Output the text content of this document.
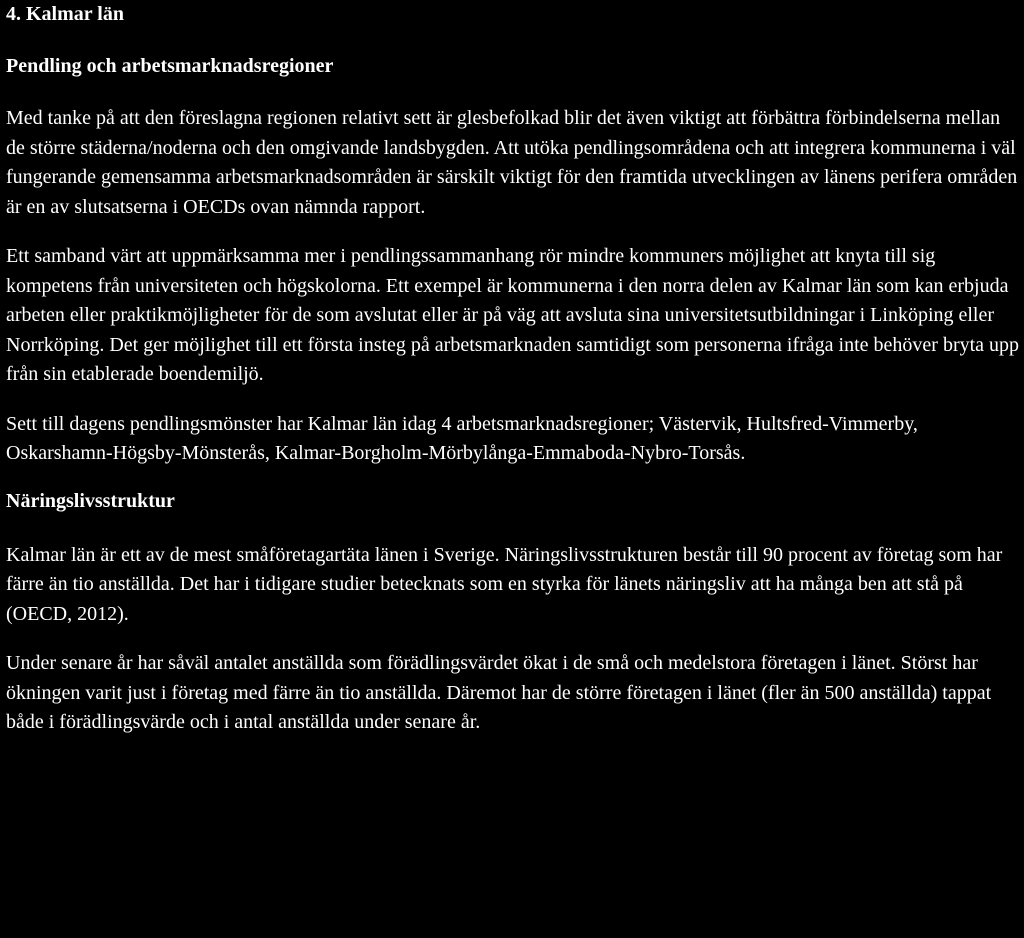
4. Kalmar län
Pendling och arbetsmarknadsregioner

Med tanke på att den föreslagna regionen relativt sett är glesbefolkad blir det även viktigt att förbättra förbindelserna mellan de större städerna/noderna och den omgivande landsbygden. Att utöka pendlingsområdena och att integrera kommunerna i väl fungerande gemensamma arbetsmarknadsområden är särskilt viktigt för den framtida utvecklingen av länens perifera områden är en av slutsatserna i OECDs ovan nämnda rapport.

Ett samband värt att uppmärksamma mer i pendlingssammanhang rör mindre kommuners möjlighet att knyta till sig kompetens från universiteten och högskolorna. Ett exempel är kommunerna i den norra delen av Kalmar län som kan erbjuda arbeten eller praktikmöjligheter för de som avslutat eller är på väg att avsluta sina universitetsutbildningar i Linköping eller Norrköping. Det ger möjlighet till ett första insteg på arbetsmarknaden samtidigt som personerna ifråga inte behöver bryta upp från sin etablerade boendemiljö.

Sett till dagens pendlingsmönster har Kalmar län idag 4 arbetsmarknadsregioner; Västervik, Hultsfred-Vimmerby, Oskarshamn-Högsby-Mönsterås, Kalmar-Borgholm-Mörbylånga-Emmaboda-Nybro-Torsås.

Näringslivsstruktur

Kalmar län är ett av de mest småföretagartäta länen i Sverige. Näringslivsstrukturen består till 90 procent av företag som har färre än tio anställda. Det har i tidigare studier betecknats som en styrka för länets näringsliv att ha många ben att stå på (OECD, 2012).

Under senare år har såväl antalet anställda som förädlingsvärdet ökat i de små och medelstora företagen i länet. Störst har ökningen varit just i företag med färre än tio anställda. Däremot har de större företagen i länet (fler än 500 anställda) tappat både i förädlingsvärde och i antal anställda under senare år.
